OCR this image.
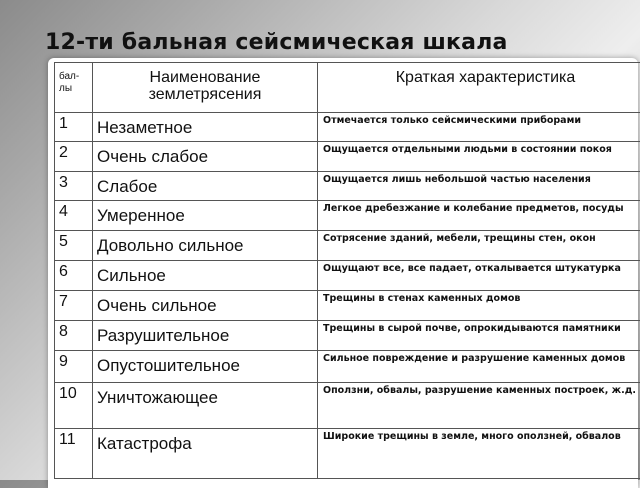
12-ти бальная сейсмическая шкала
бал-лы	Наименование землетрясения	Краткая характеристика
1	Незаметное	Отмечается только сейсмическими приборами
2	Очень слабое	Ощущается отдельными людьми в состоянии покоя
3	Слабое	Ощущается лишь небольшой частью населения
4	Умеренное	Легкое дребезжание и колебание предметов, посуды
5	Довольно сильное	Сотрясение зданий, мебели, трещины стен, окон
6	Сильное	Ощущают все, все падает, откалывается штукатурка
7	Очень сильное	Трещины в стенах каменных домов
8	Разрушительное	Трещины в сырой почве, опрокидываются памятники
9	Опустошительное	Сильное повреждение и разрушение каменных домов
10	Уничтожающее	Оползни, обвалы, разрушение каменных построек, ж.д.
11	Катастрофа	Широкие трещины в земле, много оползней, обвалов
